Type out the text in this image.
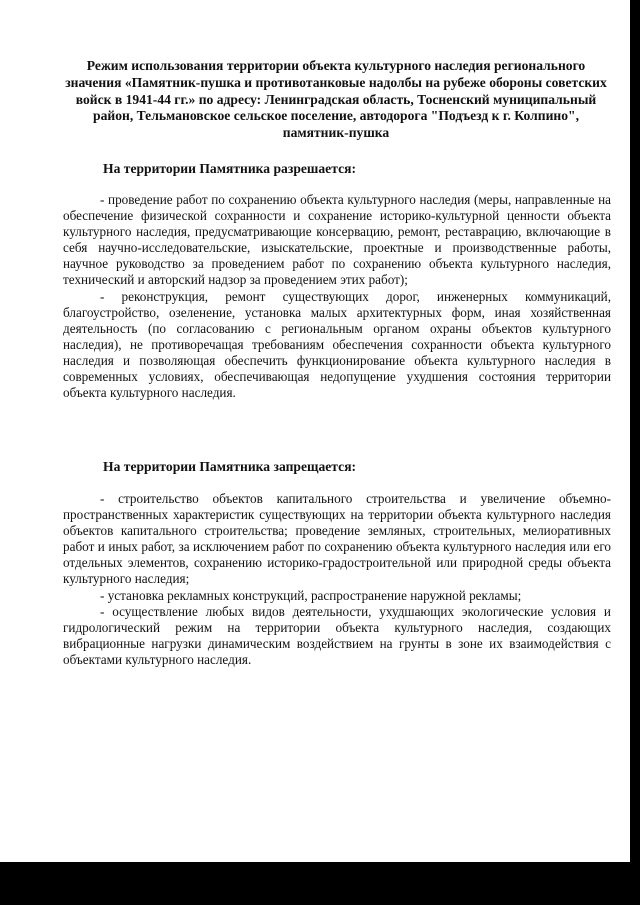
Режим использования территории объекта культурного наследия регионального значения «Памятник-пушка и противотанковые надолбы на рубеже обороны советских войск в 1941-44 гг.» по адресу: Ленинградская область, Тосненский муниципальный район, Тельмановское сельское поселение, автодорога "Подъезд к г. Колпино", памятник-пушка
На территории Памятника разрешается:

- проведение работ по сохранению объекта культурного наследия (меры, направленные на обеспечение физической сохранности и сохранение историко-культурной ценности объекта культурного наследия, предусматривающие консервацию, ремонт, реставрацию, включающие в себя научно-исследовательские, изыскательские, проектные и производственные работы, научное руководство за проведением работ по сохранению объекта культурного наследия, технический и авторский надзор за проведением этих работ);

- реконструкция, ремонт существующих дорог, инженерных коммуникаций, благоустройство, озеленение, установка малых архитектурных форм, иная хозяйственная деятельность (по согласованию с региональным органом охраны объектов культурного наследия), не противоречащая требованиям обеспечения сохранности объекта культурного наследия и позволяющая обеспечить функционирование объекта культурного наследия в современных условиях, обеспечивающая недопущение ухудшения состояния территории объекта культурного наследия.

На территории Памятника запрещается:

- строительство объектов капитального строительства и увеличение объемно-пространственных характеристик существующих на территории объекта культурного наследия объектов капитального строительства; проведение земляных, строительных, мелиоративных работ и иных работ, за исключением работ по сохранению объекта культурного наследия или его отдельных элементов, сохранению историко-градостроительной или природной среды объекта культурного наследия;

- установка рекламных конструкций, распространение наружной рекламы;

- осуществление любых видов деятельности, ухудшающих экологические условия и гидрологический режим на территории объекта культурного наследия, создающих вибрационные нагрузки динамическим воздействием на грунты в зоне их взаимодействия с объектами культурного наследия.
